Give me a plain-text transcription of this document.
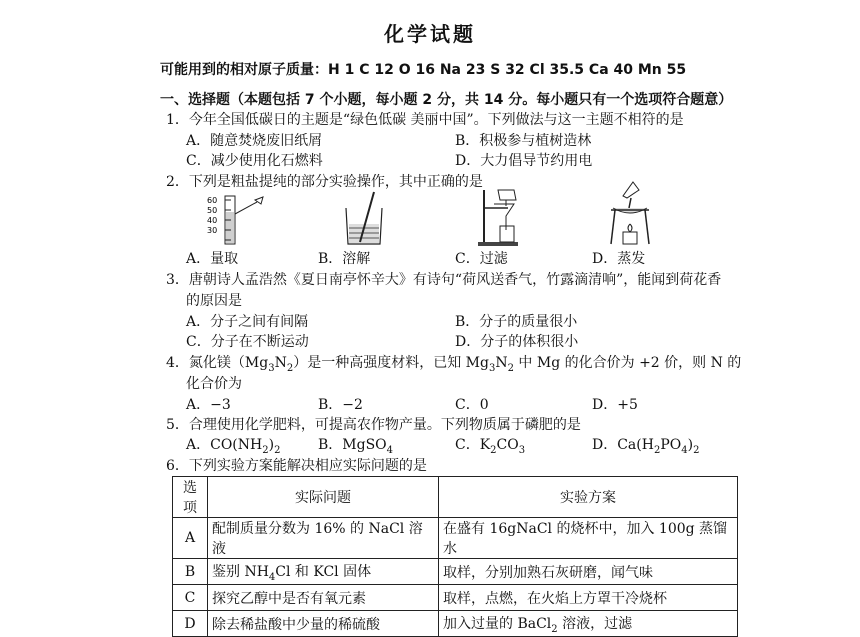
化学试题
可能用到的相对原子质量：H 1 C 12 O 16 Na 23 S 32 Cl 35.5 Ca 40 Mn 55
一、选择题（本题包括 7 个小题，每小题 2 分，共 14 分。每小题只有一个选项符合题意）
1．今年全国低碳日的主题是“绿色低碳 美丽中国”。下列做法与这一主题不相符的是
A．随意焚烧废旧纸屑	B．积极参与植树造林
C．减少使用化石燃料	D．大力倡导节约用电
2．下列是粗盐提纯的部分实验操作，其中正确的是
60
50
40
30
A．量取	B．溶解	C．过滤	D．蒸发
3．唐朝诗人孟浩然《夏日南亭怀辛大》有诗句“荷风送香气，竹露滴清响”，能闻到荷花香
的原因是
A．分子之间有间隔	B．分子的质量很小
C．分子在不断运动	D．分子的体积很小
4．氮化镁$(Mg_3N_2)$是一种高强度材料，已知 $Mg_3N_2$ 中 Mg 的化合价为 +2 价，则 N 的
化合价为
A．−3	B．−2	C．0	D．+5
5．合理使用化学肥料，可提高农作物产量。下列物质属于磷肥的是
A．$CO(NH_2)_2$	B．MgSO$_4$	C．$K_2CO_3$	D．$Ca(H_2PO_4)_2$
6．下列实验方案能解决相应实际问题的是
选项	实际问题	实验方案
A	配制质量分数为 16% 的 NaCl 溶液	在盛有 16gNaCl 的烧杯中，加入 100g 蒸馏水
B	鉴别 $NH_4Cl$ 和 KCl 固体	取样，分别加熟石灰研磨，闻气味
C	探究乙醇中是否有氧元素	取样，点燃，在火焰上方罩干冷烧杯
D	除去稀盐酸中少量的稀硫酸	加入过量的 BaCl$_2$ 溶液，过滤
